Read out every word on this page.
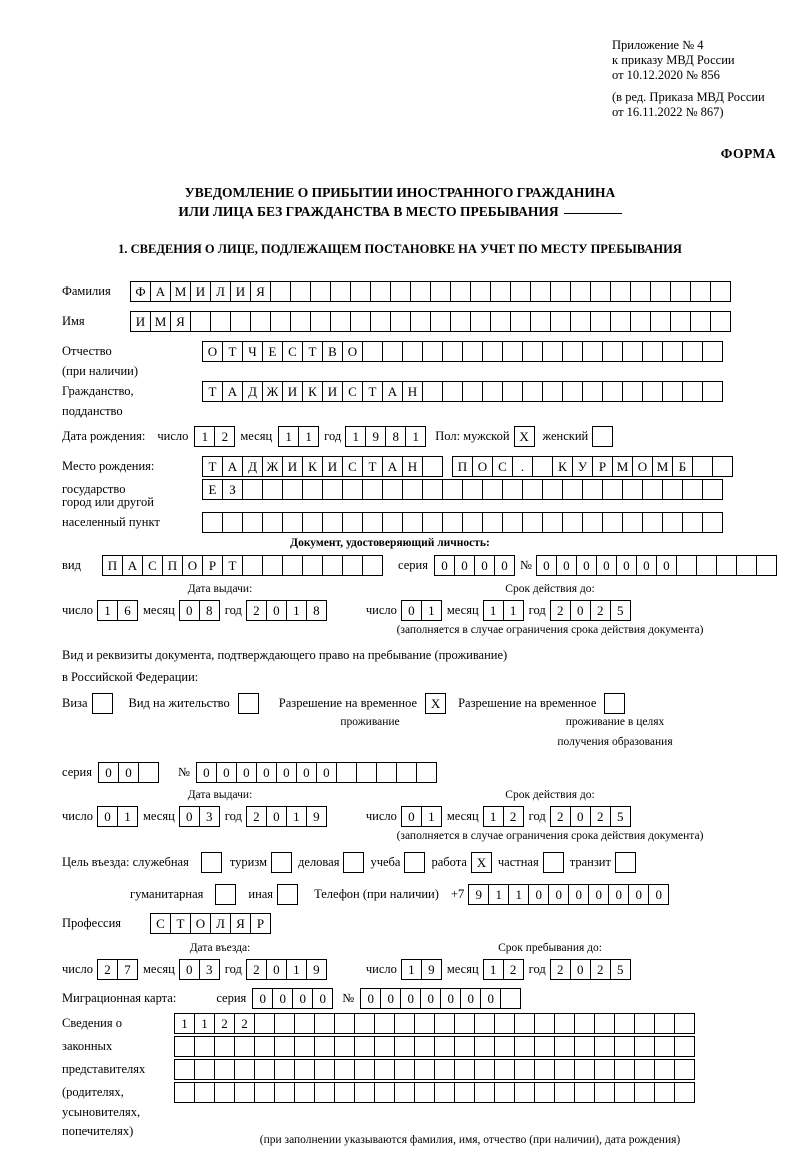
Приложение № 4
к приказу МВД России
от 10.12.2020 № 856
(в ред. Приказа МВД России
от 16.11.2022 № 867)
ФОРМА
УВЕДОМЛЕНИЕ О ПРИБЫТИИ ИНОСТРАННОГО ГРАЖДАНИНА
ИЛИ ЛИЦА БЕЗ ГРАЖДАНСТВА В МЕСТО ПРЕБЫВАНИЯ
1. СВЕДЕНИЯ О ЛИЦЕ, ПОДЛЕЖАЩЕМ ПОСТАНОВКЕ НА УЧЕТ ПО МЕСТУ ПРЕБЫВАНИЯ
Фамилия	Ф А М И Л И Я
Имя	И М Я
Отчество	О Т Ч Е С Т В О
(при наличии)
Гражданство,	Т А Д Ж И К И С Т А Н
подданство
Дата рождения: число	1	2 месяц	1	1 год 1	9	8	1	Пол: мужской X	женский
Место рождения:	Т А Д Ж И К И С Т А Н	П О С	.	К У Р М О М Б
государство	Е З
город или другой
населенный пункт
Документ, удостоверяющий личность:
вид	П А С П О Р Т	серия	0	0	0	0 № 0	0	0	0	0	0	0
Дата выдачи:	Срок действия до:
число 1	6 месяц 0	8 год 2	0	1	8	число 0	1 месяц 1	1 год 2	0	2	5
(заполняется в случае ограничения срока действия документа)
Вид и реквизиты документа, подтверждающего право на пребывание (проживание)
в Российской Федерации:
Виза	Вид на жительство	Разрешение на временное	X	Разрешение на временное
проживание	проживание в целях
получения образования
серия	0	0	№	0	0	0	0	0	0	0
Дата выдачи:	Срок действия до:
число 0	1 месяц 0	3 год 2	0	1	9	число 0	1 месяц 1	2 год 2	0	2	5
(заполняется в случае ограничения срока действия документа)
Цель въезда: служебная	туризм деловая учеба работа X частная транзит
гуманитарная	иная	Телефон (при наличии) +7 9	1	1	0	0	0	0	0	0	0
Профессия	С Т О Л Я Р
Дата въезда:	Срок пребывания до:
число 2	7 месяц 0	3 год 2	0	1	9	число 1	9 месяц 1	2 год 2	0	2	5
Миграционная карта:	серия	0	0	0	0	№	0	0	0	0	0	0	0
Сведения о	1	1	2	2
законных
представителях
(родителях,
усыновителях,
попечителях)
(при заполнении указываются фамилия, имя, отчество (при наличии), дата рождения)
